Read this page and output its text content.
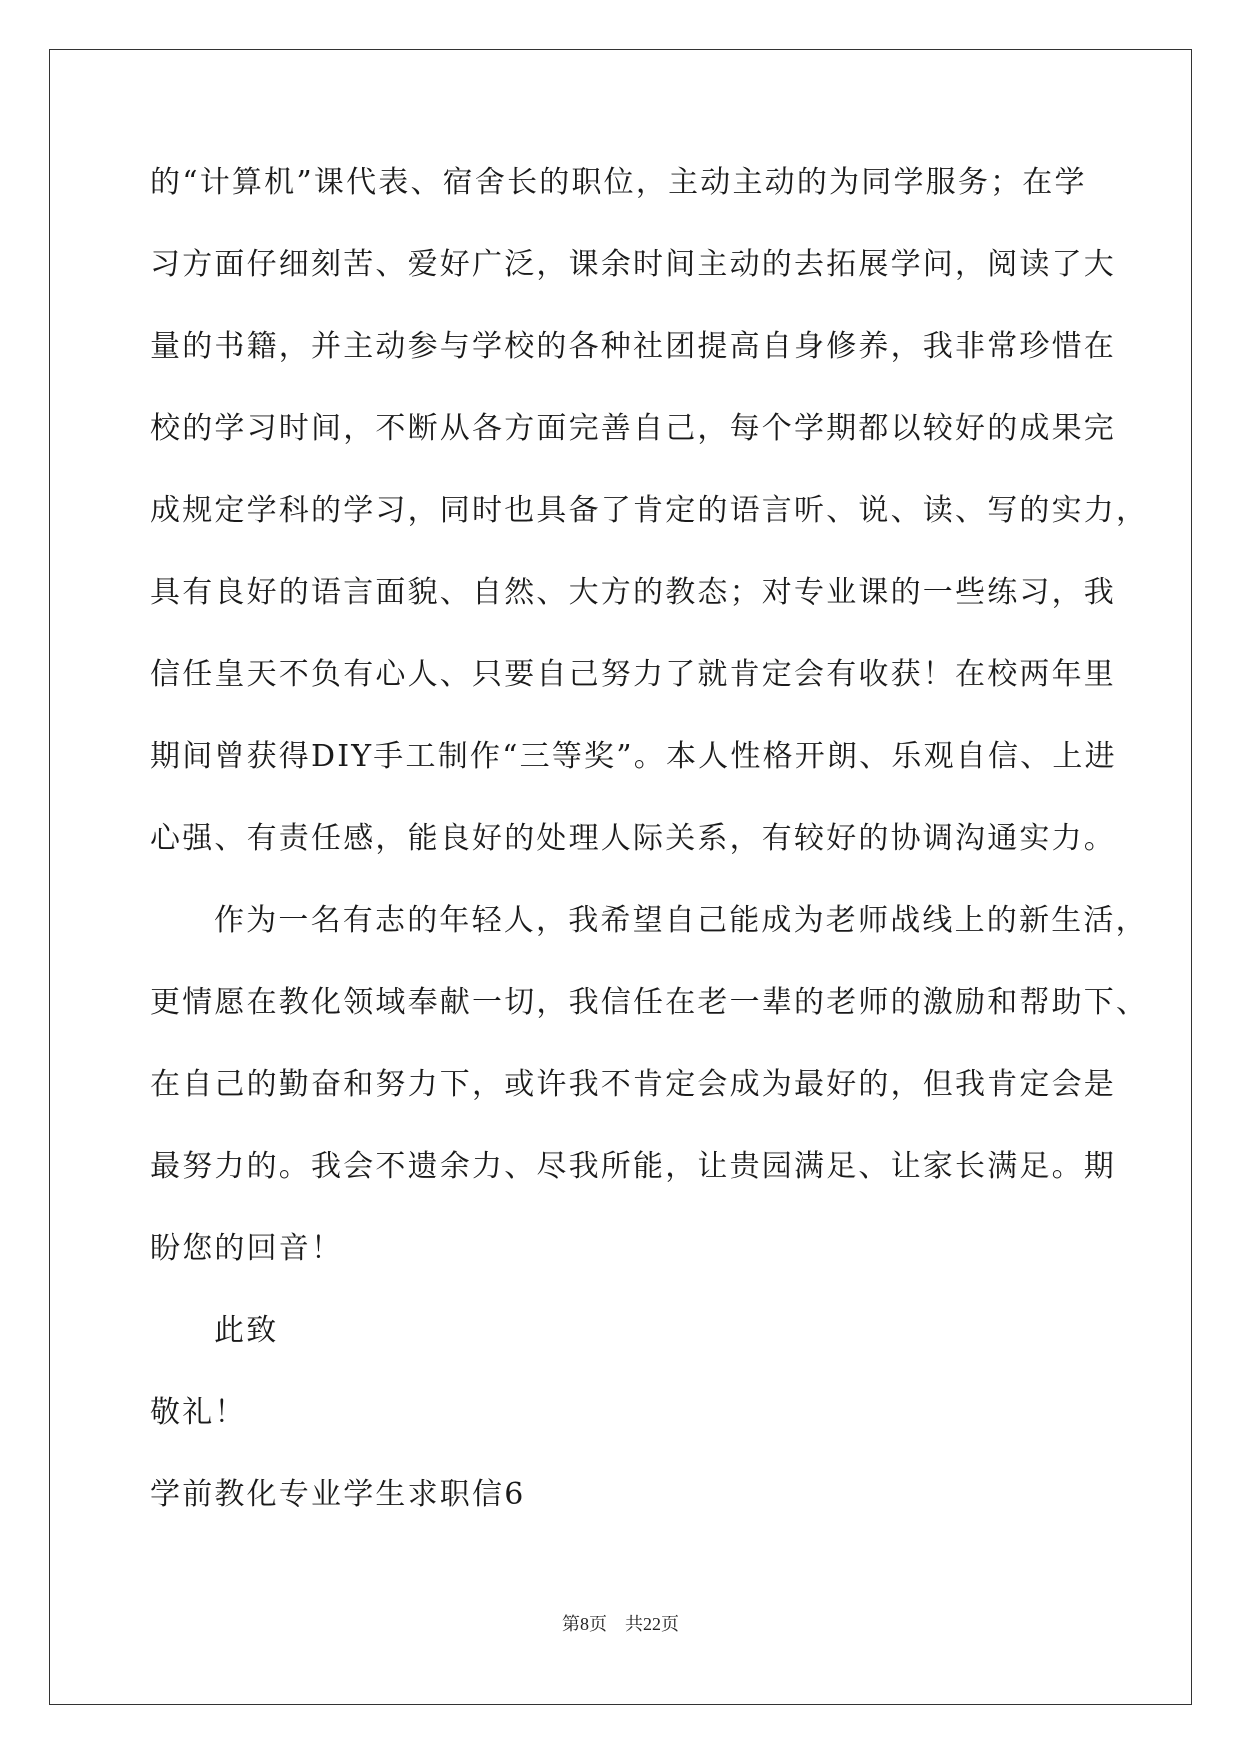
的“计算机”课代表、宿舍长的职位，主动主动的为同学服务；在学
习方面仔细刻苦、爱好广泛，课余时间主动的去拓展学问，阅读了大
量的书籍，并主动参与学校的各种社团提高自身修养，我非常珍惜在
校的学习时间，不断从各方面完善自己，每个学期都以较好的成果完
成规定学科的学习，同时也具备了肯定的语言听、说、读、写的实力，
具有良好的语言面貌、自然、大方的教态；对专业课的一些练习，我
信任皇天不负有心人、只要自己努力了就肯定会有收获！在校两年里
期间曾获得DIY手工制作“三等奖”。本人性格开朗、乐观自信、上进
心强、有责任感，能良好的处理人际关系，有较好的协调沟通实力。
作为一名有志的年轻人，我希望自己能成为老师战线上的新生活，
更情愿在教化领域奉献一切，我信任在老一辈的老师的激励和帮助下、
在自己的勤奋和努力下，或许我不肯定会成为最好的，但我肯定会是
最努力的。我会不遗余力、尽我所能，让贵园满足、让家长满足。期
盼您的回音！
此致
敬礼！
学前教化专业学生求职信6
第8页 共22页
